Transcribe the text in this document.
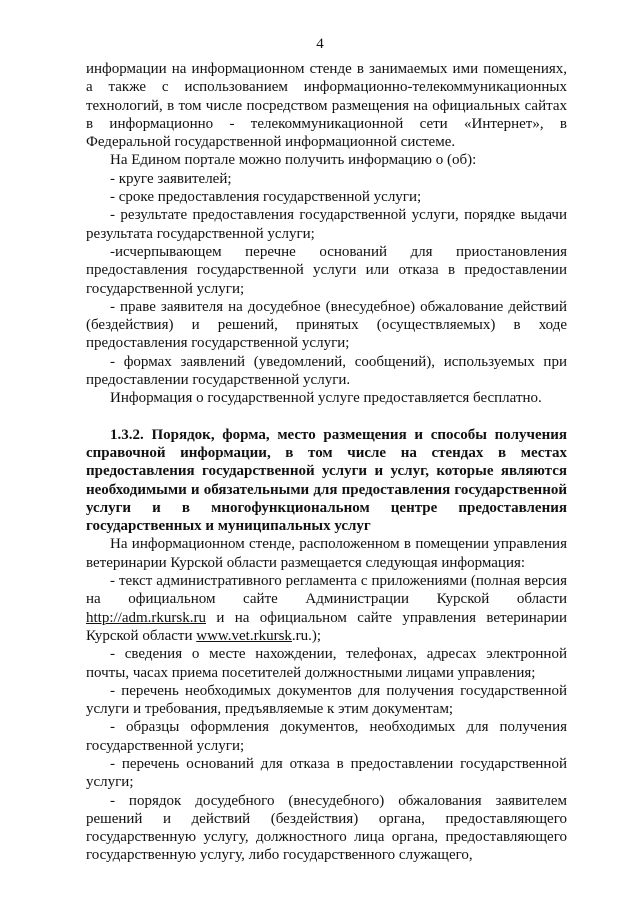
4

информации на информационном стенде в занимаемых ими помещениях, а также с использованием информационно-телекоммуникационных технологий, в том числе посредством размещения на официальных сайтах в информационно - телекоммуникационной сети «Интернет», в Федеральной государственной информационной системе.

На Едином портале можно получить информацию о (об):

- кругe заявителей;

- сроке предоставления государственной услуги;

- результате предоставления государственной услуги, порядке выдачи результата государственной услуги;

-исчерпывающем перечне оснований для приостановления предоставления государственной услуги или отказа в предоставлении государственной услуги;

- праве заявителя на досудебное (внесудебное) обжалование действий (бездействия) и решений, принятых (осуществляемых) в ходе предоставления государственной услуги;

- формах заявлений (уведомлений, сообщений), используемых при предоставлении государственной услуги.

Информация о государственной услуге предоставляется бесплатно.

1.3.2. Порядок, форма, место размещения и способы получения справочной информации, в том числе на стендах в местах предоставления государственной услуги и услуг, которые являются необходимыми и обязательными для предоставления государственной услуги и в многофункциональном центре предоставления государственных и муниципальных услуг

На информационном стенде, расположенном в помещении управления ветеринарии Курской области размещается следующая информация:

- текст административного регламента с приложениями (полная версия на официальном сайте Администрации Курской области http://adm.rkursk.ru и на официальном сайте управления ветеринарии Курской области www.vet.rkursk.ru.);

- сведения о месте нахождении, телефонах, адресах электронной почты, часах приема посетителей должностными лицами управления;

- перечень необходимых документов для получения государственной услуги и требования, предъявляемые к этим документам;

- образцы оформления документов, необходимых для получения государственной услуги;

- перечень оснований для отказа в предоставлении государственной услуги;

- порядок досудебного (внесудебного) обжалования заявителем решений и действий (бездействия) органа, предоставляющего государственную услугу, должностного лица органа, предоставляющего государственную услугу, либо государственного служащего,
